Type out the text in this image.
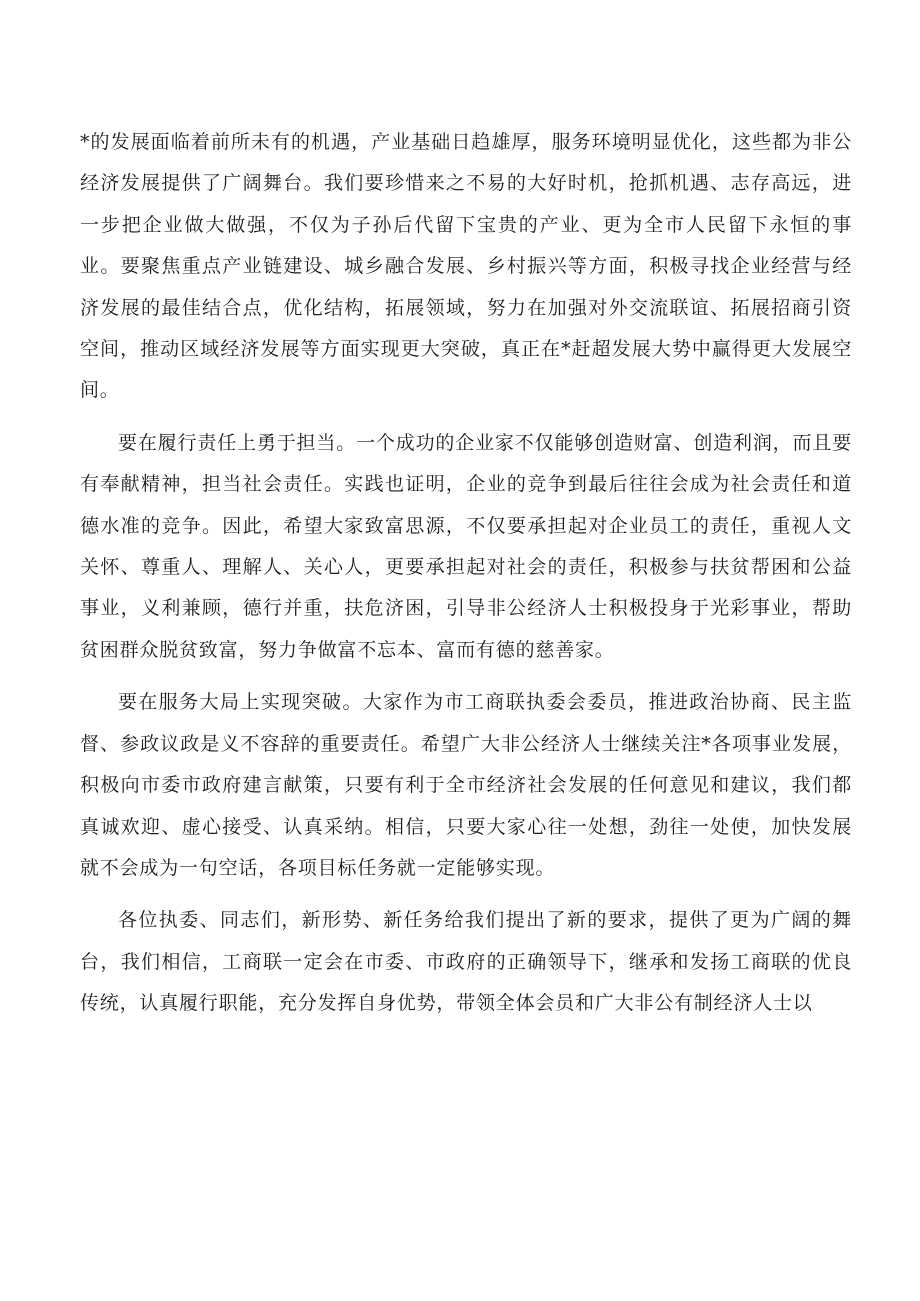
*的发展面临着前所未有的机遇，产业基础日趋雄厚，服务环境明显优化，这些都为非公经济发展提供了广阔舞台。我们要珍惜来之不易的大好时机，抢抓机遇、志存高远，进一步把企业做大做强，不仅为子孙后代留下宝贵的产业、更为全市人民留下永恒的事业。要聚焦重点产业链建设、城乡融合发展、乡村振兴等方面，积极寻找企业经营与经济发展的最佳结合点，优化结构，拓展领域，努力在加强对外交流联谊、拓展招商引资空间，推动区域经济发展等方面实现更大突破，真正在*赶超发展大势中赢得更大发展空间。

要在履行责任上勇于担当。一个成功的企业家不仅能够创造财富、创造利润，而且要有奉献精神，担当社会责任。实践也证明，企业的竞争到最后往往会成为社会责任和道德水准的竞争。因此，希望大家致富思源，不仅要承担起对企业员工的责任，重视人文关怀、尊重人、理解人、关心人，更要承担起对社会的责任，积极参与扶贫帮困和公益事业，义利兼顾，德行并重，扶危济困，引导非公经济人士积极投身于光彩事业，帮助贫困群众脱贫致富，努力争做富不忘本、富而有德的慈善家。

要在服务大局上实现突破。大家作为市工商联执委会委员，推进政治协商、民主监督、参政议政是义不容辞的重要责任。希望广大非公经济人士继续关注*各项事业发展，积极向市委市政府建言献策，只要有利于全市经济社会发展的任何意见和建议，我们都真诚欢迎、虚心接受、认真采纳。相信，只要大家心往一处想，劲往一处使，加快发展就不会成为一句空话，各项目标任务就一定能够实现。

各位执委、同志们，新形势、新任务给我们提出了新的要求，提供了更为广阔的舞台，我们相信，工商联一定会在市委、市政府的正确领导下，继承和发扬工商联的优良传统，认真履行职能，充分发挥自身优势，带领全体会员和广大非公有制经济人士以
